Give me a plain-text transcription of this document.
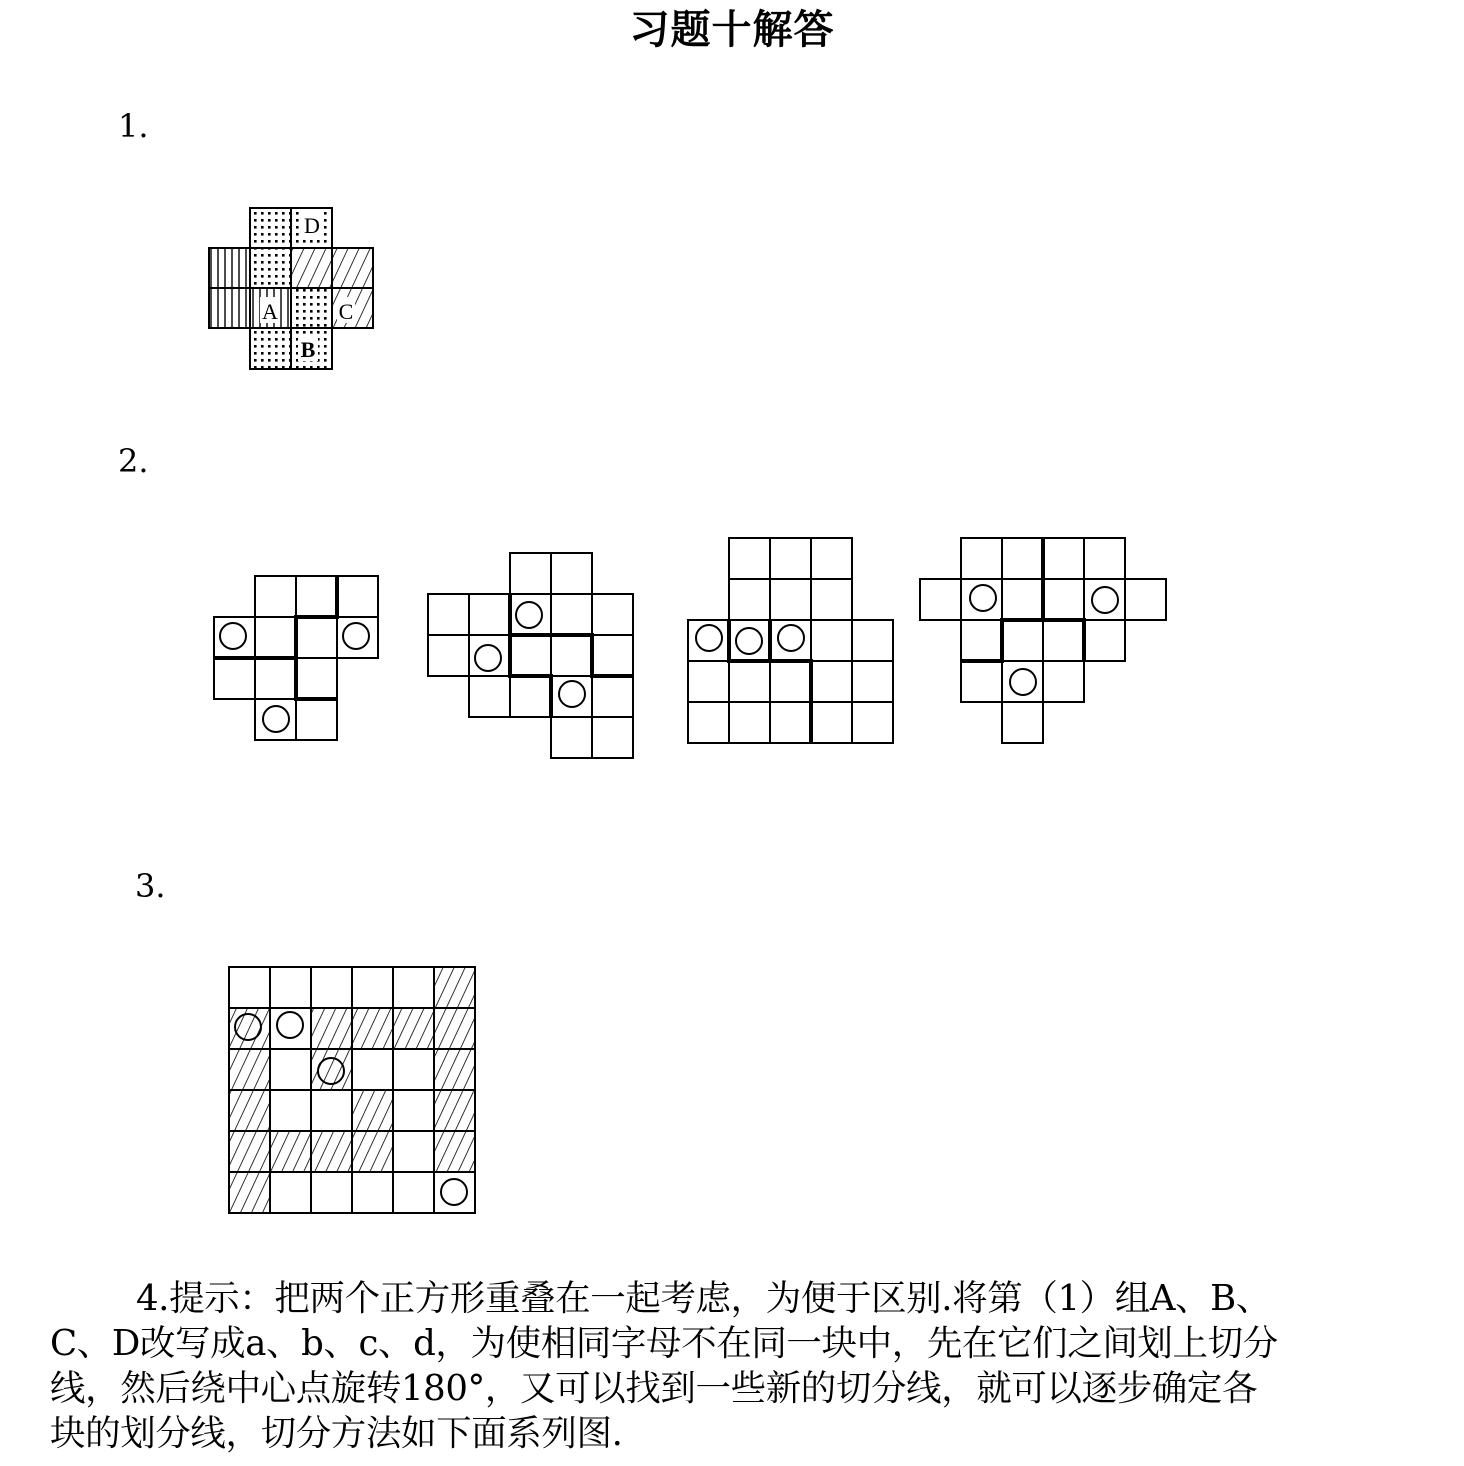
习题十解答
1.
2.
3.
D
A
B
C

4.提示：把两个正方形重叠在一起考虑，为便于区别.将第（1）组A、B、

C、D改写成a、b、c、d，为使相同字母不在同一块中，先在它们之间划上切分

线，然后绕中心点旋转180°，又可以找到一些新的切分线，就可以逐步确定各

块的划分线，切分方法如下面系列图.
